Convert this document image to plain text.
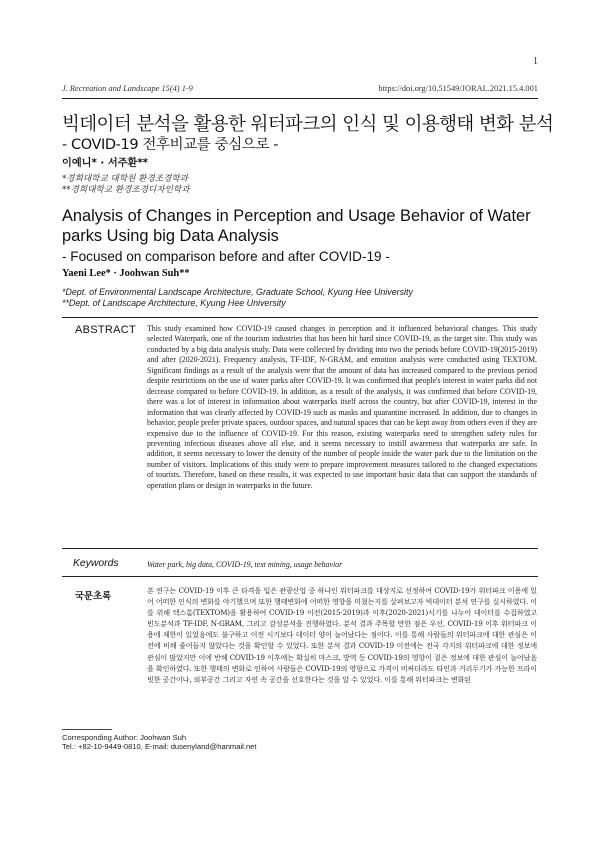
1
J. Recreation and Landscape 15(4) 1-9	https://doi.org/10.51549/JORAL.2021.15.4.001
빅데이터 분석을 활용한 워터파크의 인식 및 이용행태 변화 분석
- COVID-19 전후비교를 중심으로 -
이예니* · 서주환**
*경희대학교 대학원 환경조경학과
**경희대학교 환경조경디자인학과
Analysis of Changes in Perception and Usage Behavior of Water parks Using big Data Analysis
- Focused on comparison before and after COVID-19 -
Yaeni Lee* · Joohwan Suh**
*Dept. of Environmental Landscape Architecture, Graduate School, Kyung Hee University
**Dept. of Landscape Architecture, Kyung Hee University
ABSTRACT This study examined how COVID-19 caused changes in perception and it influenced behavioral changes. This study selected Waterpark, one of the tourism industries that has been hit hard since COVID-19, as the target site. This study was conducted by a big data analysis study. Data were collected by dividing into two the periods before COVID-19(2015-2019) and after (2020-2021). Frequency analysis, TF-IDF, N-GRAM, and emotion analysis were conducted using TEXTOM. Significant findings as a result of the analysis were that the amount of data has increased compared to the previous period despite restrictions on the use of water parks after COVID-19. It was confirmed that people's interest in water parks did not decrease compared to before COVID-19. In addition, as a result of the analysis, it was confirmed that before COVID-19, there was a lot of interest in information about waterparks itself across the country, but after COVID-19, interest in the information that was clearly affected by COVID-19 such as masks and quarantine increased. In addition, due to changes in behavior, people prefer private spaces, outdoor spaces, and natural spaces that can be kept away from others even if they are expensive due to the influence of COVID-19. For this reason, existing waterparks need to strengthen safety rules for preventing infectious diseases above all else, and it seems necessary to instill awareness that waterparks are safe. In addition, it seems necessary to lower the density of the number of people inside the water park due to the limitation on the number of visitors. Implications of this study were to prepare improvement measures tailored to the changed expectations of tourists. Therefore, based on these results, it was expected to use important basic data that can support the standards of operation plans or design in waterparks in the future.
Keywords	Water park, big data, COVID-19, text mining, usage behavior
국문초록
본 연구는 COVID-19 이후 큰 타격을 입은 관광산업 중 하나인 워터파크를 대상지로 선정하여 COVID-19가 워터파크 이용에 있어 어떠한 인식의 변화를 야기했으며 또한 행태변화에 어떠한 영향을 미쳤는지를 살펴보고자 빅데이터 분석 연구를 실시하였다. 이를 위해 텍스톰(TEXTOM)을 활용하여 COVID-19 이전(2015-2019)과 이후(2020-2021)시기를 나누어 데이터를 수집하였고 빈도분석과 TF-IDF, N-GRAM, 그리고 감성분석을 진행하였다. 분석 결과 주목할 만한 점은 우선, COVID-19 이후 워터파크 이용에 제한이 있었음에도 불구하고 이전 시기보다 데이터 양이 늘어났다는 점이다. 이를 통해 사람들의 워터파크에 대한 관심은 이전에 비해 줄어들지 않았다는 것을 확인할 수 있었다. 또한 분석 결과 COVID-19 이전에는 전국 각지의 워터파크에 대한 정보에 관심이 많았지만 이에 반해 COVID-19 이후에는 확실히 마스크, 방역 등 COVID-19의 영향이 짙은 정보에 대한 관심이 늘어났음을 확인하였다. 또한 행태의 변화로 인하여 사람들은 COVID-19의 영향으로 가격이 비싸더라도 타인과 거리두기가 가능한 프라이빗한 공간이나, 외부공간 그리고 자연 속 공간을 선호한다는 것을 알 수 있었다. 이를 통해 워터파크는 변화된
Corresponding Author: Joohwan Suh
Tel.: +82-10-9449-0810, E-mail: dusenyland@hanmail.net
